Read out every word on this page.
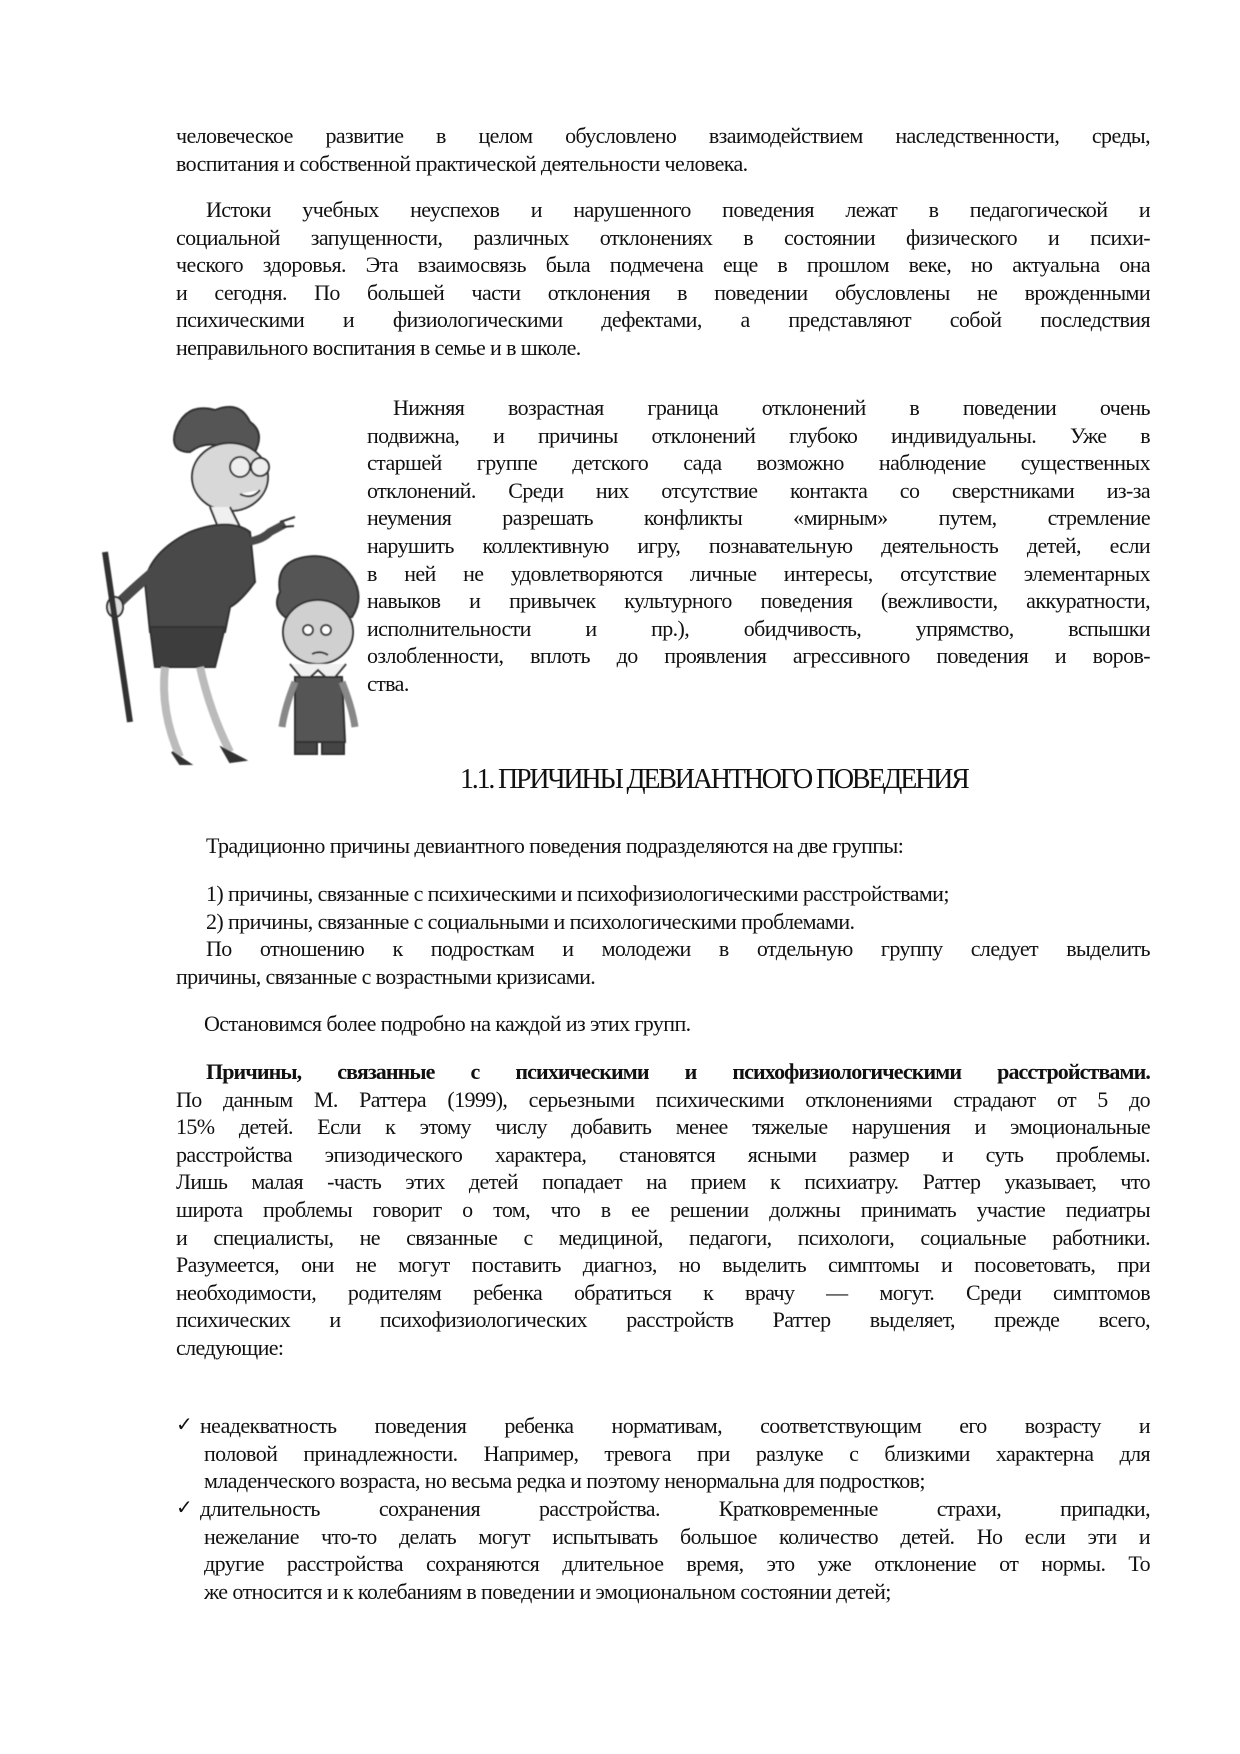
человеческое развитие в целом обусловлено взаимодействием наследственности, среды,
воспитания и собственной практической деятельности человека.
Истоки учебных неуспехов и нарушенного поведения лежат в педагогической и
социальной запущенности, различных отклонениях в состоянии физического и психи-
ческого здоровья. Эта взаимосвязь была подмечена еще в прошлом веке, но актуальна она
и сегодня. По большей части отклонения в поведении обусловлены не врожденными
психическими и физиологическими дефектами, а представляют собой последствия
неправильного воспитания в семье и в школе.
Нижняя возрастная граница отклонений в поведении очень
подвижна, и причины отклонений глубоко индивидуальны. Уже в
старшей группе детского сада возможно наблюдение существенных
отклонений. Среди них отсутствие контакта со сверстниками из-за
неумения разрешать конфликты «мирным» путем, стремление
нарушить коллективную игру, познавательную деятельность детей, если
в ней не удовлетворяются личные интересы, отсутствие элементарных
навыков и привычек культурного поведения (вежливости, аккуратности,
исполнительности и пр.), обидчивость, упрямство, вспышки
озлобленности, вплоть до проявления агрессивного поведения и воров-
ства.
1.1. ПРИЧИНЫ ДЕВИАНТНОГО ПОВЕДЕНИЯ
Традиционно причины девиантного поведения подразделяются на две группы:
1) причины, связанные с психическими и психофизиологическими расстройствами;
2) причины, связанные с социальными и психологическими проблемами.
По отношению к подросткам и молодежи в отдельную группу следует выделить
причины, связанные с возрастными кризисами.
Остановимся более подробно на каждой из этих групп.
Причины, связанные с психическими и психофизиологическими расстройствами.
По данным М. Раттера (1999), серьезными психическими отклонениями страдают от 5 до
15% детей. Если к этому числу добавить менее тяжелые нарушения и эмоциональные
расстройства эпизодического характера, становятся ясными размер и суть проблемы.
Лишь малая -часть этих детей попадает на прием к психиатру. Раттер указывает, что
широта проблемы говорит о том, что в ее решении должны принимать участие педиатры
и специалисты, не связанные с медициной, педагоги, психологи, социальные работники.
Разумеется, они не могут поставить диагноз, но выделить симптомы и посоветовать, при
необходимости, родителям ребенка обратиться к врачу — могут. Среди симптомов
психических и психофизиологических расстройств Раттер выделяет, прежде всего,
следующие:
✓ неадекватность поведения ребенка нормативам, соответствующим его возрасту и
половой принадлежности. Например, тревога при разлуке с близкими характерна для
младенческого возраста, но весьма редка и поэтому ненормальна для подростков;
✓ длительность сохранения расстройства. Кратковременные страхи, припадки,
нежелание что-то делать могут испытывать большое количество детей. Но если эти и
другие расстройства сохраняются длительное время, это уже отклонение от нормы. То
же относится и к колебаниям в поведении и эмоциональном состоянии детей;
